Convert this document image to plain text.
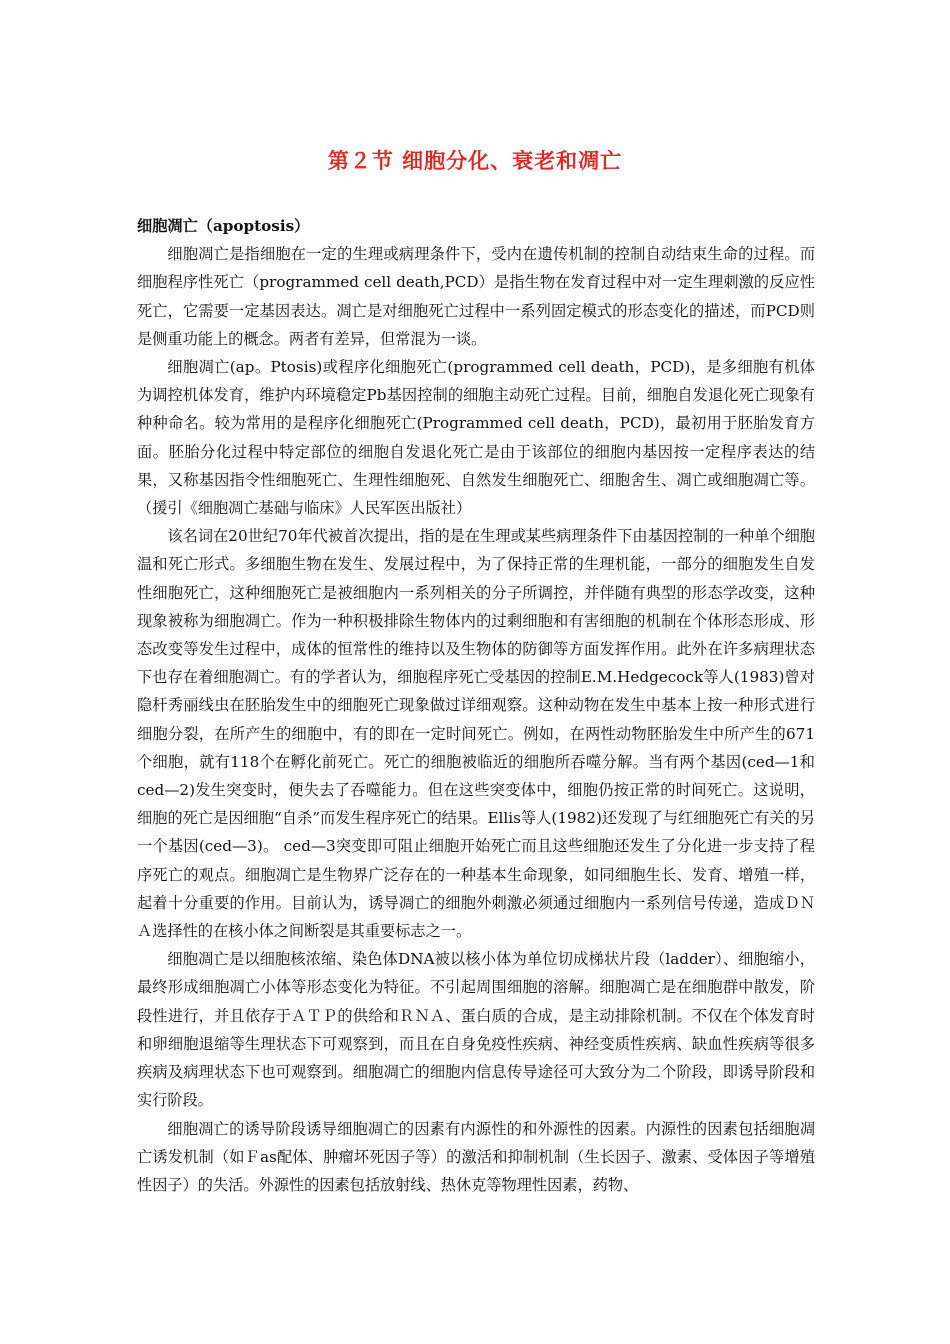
第２节 细胞分化、衰老和凋亡

细胞凋亡（apoptosis）

细胞凋亡是指细胞在一定的生理或病理条件下，受内在遗传机制的控制自动结束生命的过程。而细胞程序性死亡（programmed cell death,PCD）是指生物在发育过程中对一定生理刺激的反应性死亡，它需要一定基因表达。凋亡是对细胞死亡过程中一系列固定模式的形态变化的描述，而PCD则是侧重功能上的概念。两者有差异，但常混为一谈。

细胞凋亡(ap。Ptosis)或程序化细胞死亡(programmed cell death，PCD)，是多细胞有机体为调控机体发育，维护内环境稳定Pb基因控制的细胞主动死亡过程。目前，细胞自发退化死亡现象有种种命名。较为常用的是程序化细胞死亡(Programmed cell death，PCD)，最初用于胚胎发育方面。胚胎分化过程中特定部位的细胞自发退化死亡是由于该部位的细胞内基因按一定程序表达的结果，又称基因指令性细胞死亡、生理性细胞死、自然发生细胞死亡、细胞舍生、凋亡或细胞凋亡等。（援引《细胞凋亡基础与临床》人民军医出版社）

该名词在20世纪70年代被首次提出，指的是在生理或某些病理条件下由基因控制的一种单个细胞温和死亡形式。多细胞生物在发生、发展过程中，为了保持正常的生理机能，一部分的细胞发生自发性细胞死亡，这种细胞死亡是被细胞内一系列相关的分子所调控，并伴随有典型的形态学改变，这种现象被称为细胞凋亡。作为一种积极排除生物体内的过剩细胞和有害细胞的机制在个体形态形成、形态改变等发生过程中，成体的恒常性的维持以及生物体的防御等方面发挥作用。此外在许多病理状态下也存在着细胞凋亡。有的学者认为，细胞程序死亡受基因的控制E.M.Hedgecock等人(1983)曾对隐杆秀丽线虫在胚胎发生中的细胞死亡现象做过详细观察。这种动物在发生中基本上按一种形式进行细胞分裂，在所产生的细胞中，有的即在一定时间死亡。例如，在两性动物胚胎发生中所产生的671个细胞，就有118个在孵化前死亡。死亡的细胞被临近的细胞所吞噬分解。当有两个基因(ced—1和ced—2)发生突变时，便失去了吞噬能力。但在这些突变体中，细胞仍按正常的时间死亡。这说明，细胞的死亡是因细胞“自杀”而发生程序死亡的结果。Ellis等人(1982)还发现了与红细胞死亡有关的另一个基因(ced—3)。 ced—3突变即可阻止细胞开始死亡而且这些细胞还发生了分化进一步支持了程序死亡的观点。细胞凋亡是生物界广泛存在的一种基本生命现象，如同细胞生长、发育、增殖一样，起着十分重要的作用。目前认为，诱导凋亡的细胞外刺激必须通过细胞内一系列信号传递，造成ＤＮＡ选择性的在核小体之间断裂是其重要标志之一。

细胞凋亡是以细胞核浓缩、染色体DNA被以核小体为单位切成梯状片段（ladder）、细胞缩小，最终形成细胞凋亡小体等形态变化为特征。不引起周围细胞的溶解。细胞凋亡是在细胞群中散发，阶段性进行，并且依存于ＡＴＰ的供给和ＲＮＡ、蛋白质的合成，是主动排除机制。不仅在个体发育时和卵细胞退缩等生理状态下可观察到，而且在自身免疫性疾病、神经变质性疾病、缺血性疾病等很多疾病及病理状态下也可观察到。细胞凋亡的细胞内信息传导途径可大致分为二个阶段，即诱导阶段和实行阶段。

细胞凋亡的诱导阶段诱导细胞凋亡的因素有内源性的和外源性的因素。内源性的因素包括细胞凋亡诱发机制（如Ｆas配体、肿瘤坏死因子等）的激活和抑制机制（生长因子、激素、受体因子等增殖性因子）的失活。外源性的因素包括放射线、热休克等物理性因素，药物、
